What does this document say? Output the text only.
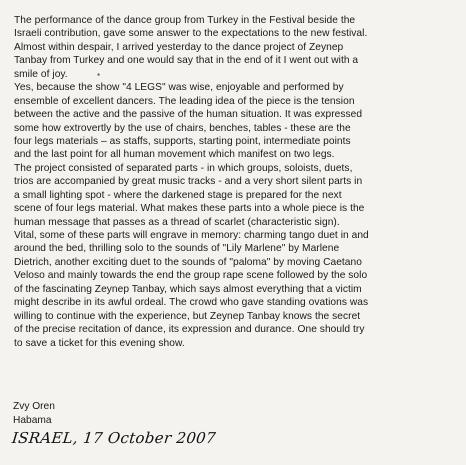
The performance of the dance group from Turkey in the Festival beside the
Israeli contribution, gave some answer to the expectations to the new festival.
Almost within despair, I arrived yesterday to the dance project of Zeynep
Tanbay from Turkey and one would say that in the end of it I went out with a
smile of joy.
Yes, because the show "4 LEGS" was wise, enjoyable and performed by
ensemble of excellent dancers. The leading idea of the piece is the tension
between the active and the passive of the human situation. It was expressed
some how extrovertly by the use of chairs, benches, tables - these are the
four legs materials – as staffs, supports, starting point, intermediate points
and the last point for all human movement which manifest on two legs.
The project consisted of separated parts - in which groups, soloists, duets,
trios are accompanied by great music tracks - and a very short silent parts in
a small lighting spot - where the darkened stage is prepared for the next
scene of four legs material. What makes these parts into a whole piece is the
human message that passes as a thread of scarlet (characteristic sign).
Vital, some of these parts will engrave in memory: charming tango duet in and
around the bed, thrilling solo to the sounds of "Lily Marlene" by Marlene
Dietrich, another exciting duet to the sounds of "paloma" by moving Caetano
Veloso and mainly towards the end the group rape scene followed by the solo
of the fascinating Zeynep Tanbay, which says almost everything that a victim
might describe in its awful ordeal. The crowd who gave standing ovations was
willing to continue with the experience, but Zeynep Tanbay knows the secret
of the precise recitation of dance, its expression and durance. One should try
to save a ticket for this evening show.
*
Zvy Oren
Habama
ISRAEL, 17 October 2007
